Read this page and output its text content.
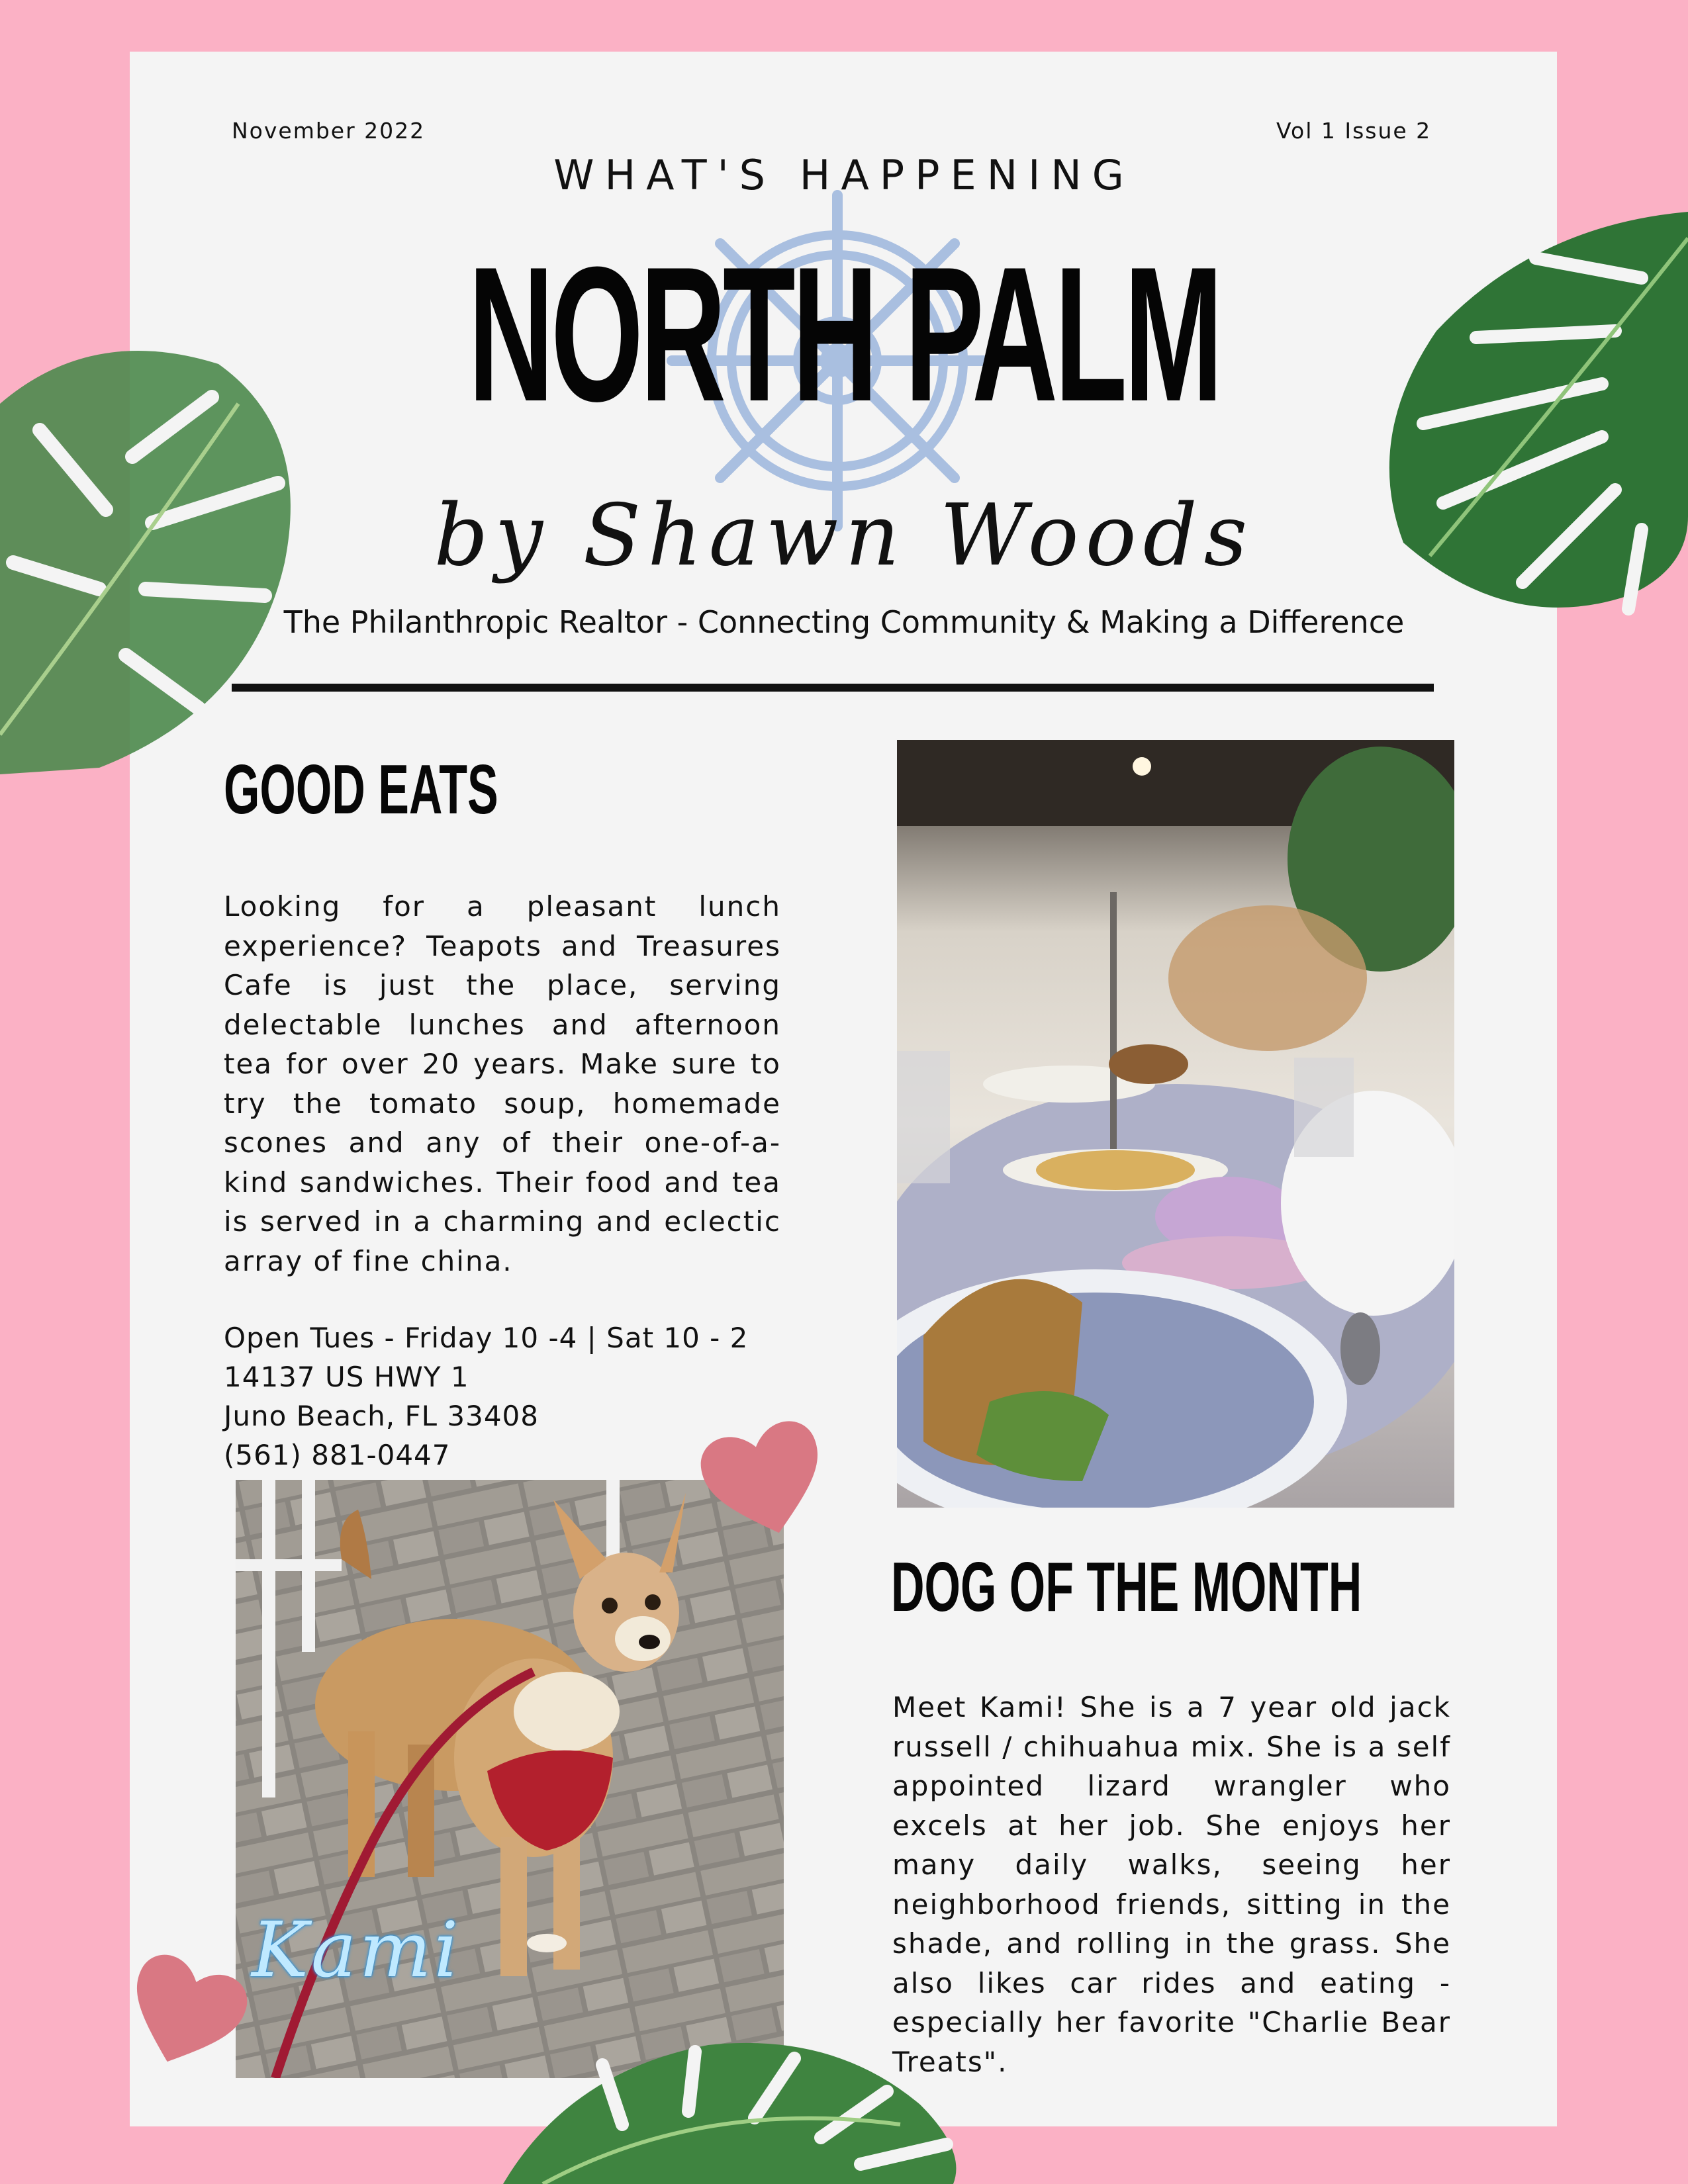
November 2022	Vol 1 Issue 2
WHAT'S HAPPENING
NORTH PALM
by Shawn Woods
The Philanthropic Realtor - Connecting Community & Making a Difference
GOOD EATS
Looking for a pleasant lunch experience? Teapots and Treasures Cafe is just the place, serving delectable lunches and afternoon tea for over 20 years. Make sure to try the tomato soup, homemade scones and any of their one-of-a-kind sandwiches. Their food and tea is served in a charming and eclectic array of fine china.
Open Tues - Friday 10 -4 | Sat 10 - 2
14137 US HWY 1
Juno Beach, FL 33408
(561) 881-0447
Kami
DOG OF THE MONTH
Meet Kami! She is a 7 year old jack russell / chihuahua mix. She is a self appointed lizard wrangler who excels at her job. She enjoys her many daily walks, seeing her neighborhood friends, sitting in the shade, and rolling in the grass. She also likes car rides and eating - especially her favorite "Charlie Bear Treats".
